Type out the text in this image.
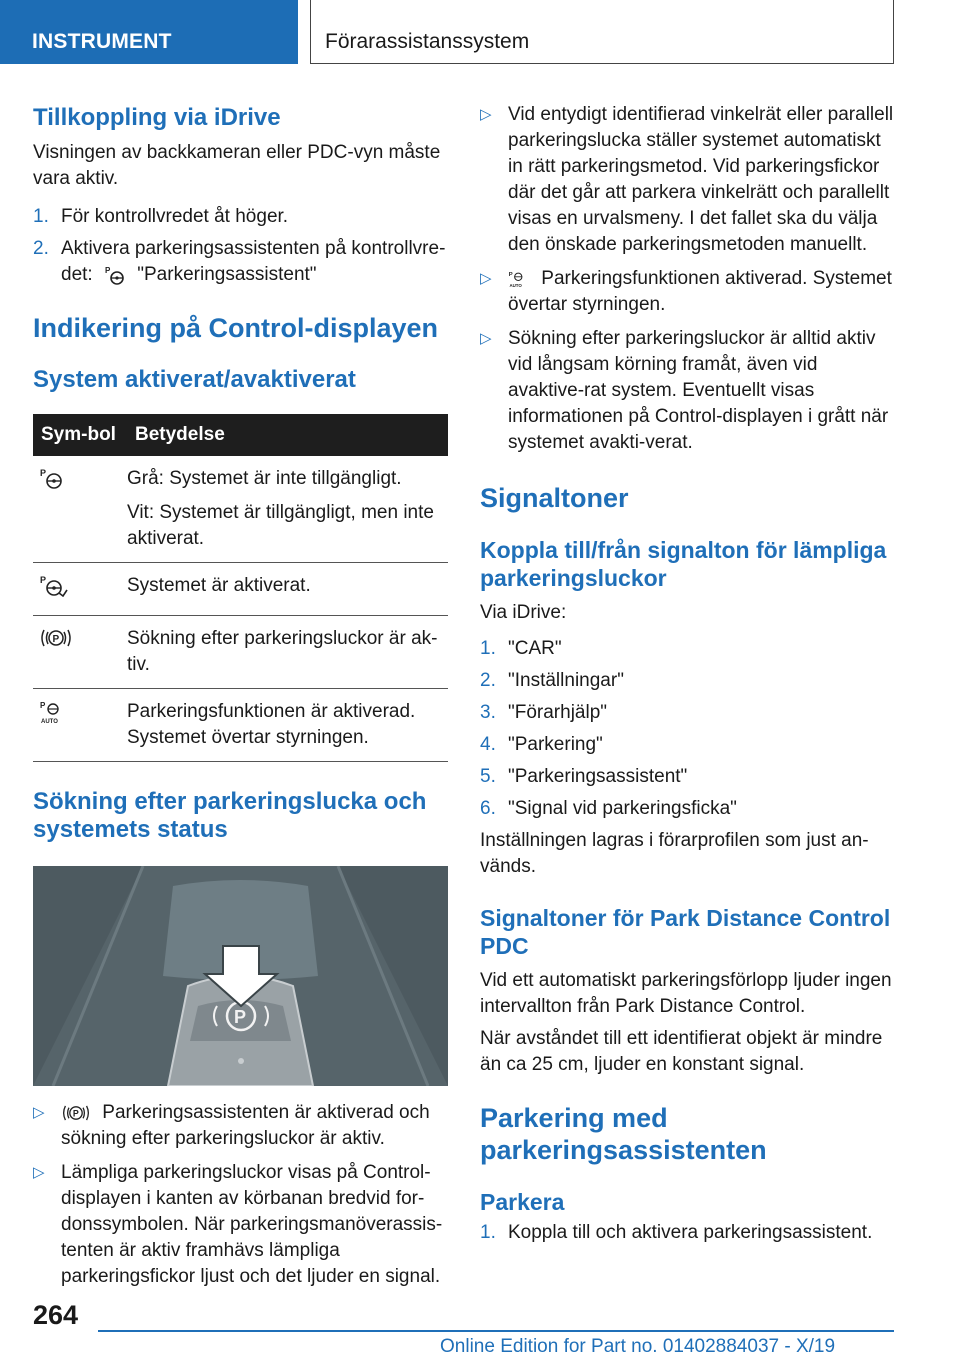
INSTRUMENT	Förarassistanssystem
Tillkoppling via iDrive

Visningen av backkameran eller PDC-vyn måste vara aktiv.

1. För kontrollvredet åt höger.
2. Aktivera parkeringsassistenten på kontrollvre‐det: P "Parkeringsassistent"
Indikering på Control-displayen
System aktiverat/avaktiverat
Sym‐bol	Betydelse

P	Grå: Systemet är inte tillgängligt.
Vit: Systemet är tillgängligt, men inte aktiverat.

P	Systemet är aktiverat.

P	Sökning efter parkeringsluckor är ak‐tiv.

P
AUTO	Parkeringsfunktionen är aktiverad. Systemet övertar styrningen.
Sökning efter parkeringslucka och systemets status
P
▷	P Parkeringsassistenten är aktiverad och sökning efter parkeringsluckor är aktiv.
▷ Lämpliga parkeringsluckor visas på Control-displayen i kanten av körbanan bredvid for‐donssymbolen. När parkeringsmanöverassis‐tenten är aktiv framhävs lämpliga parkeringsfickor ljust och det ljuder en signal.
▷ Vid entydigt identifierad vinkelrät eller parallell parkeringslucka ställer systemet automatiskt in rätt parkeringsmetod. Vid parkeringsfickor där det går att parkera vinkelrätt och parallellt visas en urvalsmeny. I det fallet ska du välja den önskade parkeringsmetoden manuellt.
▷ P
AUTO Parkeringsfunktionen aktiverad. Systemet övertar styrningen.
▷ Sökning efter parkeringsluckor är alltid aktiv vid långsam körning framåt, även vid avaktive‐rat system. Eventuellt visas informationen på Control-displayen i grått när systemet avakti‐verat.
Signaltoner
Koppla till/från signalton för lämpliga parkeringsluckor

Via iDrive:

1. "CAR"
2. "Inställningar"
3. "Förarhjälp"
4. "Parkering"
5. "Parkeringsassistent"
6. "Signal vid parkeringsficka"

Inställningen lagras i förarprofilen som just an‐vänds.

Signaltoner för Park Distance Control PDC

Vid ett automatiskt parkeringsförlopp ljuder ingen intervallton från Park Distance Control.

När avståndet till ett identifierat objekt är mindre än ca 25 cm, ljuder en konstant signal.

Parkering med parkeringsassistenten
Parkera
1. Koppla till och aktivera parkeringsassistent.
264
Online Edition for Part no. 01402884037 - X/19
